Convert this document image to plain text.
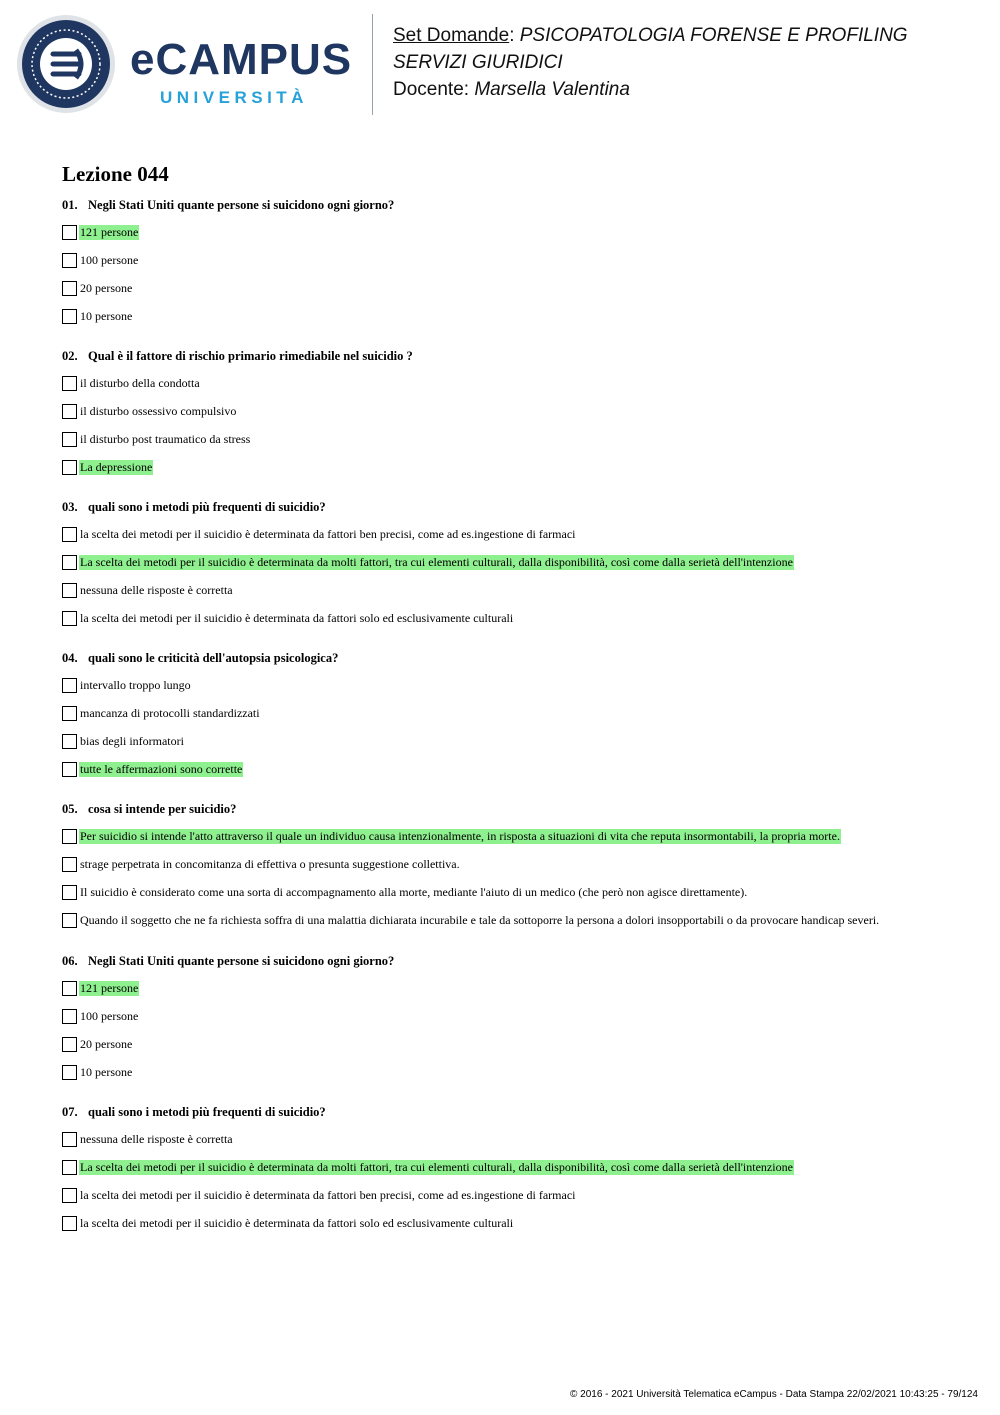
eCAMPUS
UNIVERSITÀ
Set Domande: PSICOPATOLOGIA FORENSE E PROFILING
SERVIZI GIURIDICI
Docente: Marsella Valentina
Lezione 044
01. Negli Stati Uniti quante persone si suicidono ogni giorno?
121 persone
100 persone
20 persone
10 persone
02. Qual è il fattore di rischio primario rimediabile nel suicidio ?
il disturbo della condotta
il disturbo ossessivo compulsivo
il disturbo post traumatico da stress
La depressione
03. quali sono i metodi più frequenti di suicidio?
la scelta dei metodi per il suicidio è determinata da fattori ben precisi, come ad es.ingestione di farmaci
La scelta dei metodi per il suicidio è determinata da molti fattori, tra cui elementi culturali, dalla disponibilità, così come dalla serietà dell'intenzione
nessuna delle risposte è corretta
la scelta dei metodi per il suicidio è determinata da fattori solo ed esclusivamente culturali
04. quali sono le criticità dell'autopsia psicologica?
intervallo troppo lungo
mancanza di protocolli standardizzati
bias degli informatori
tutte le affermazioni sono corrette
05. cosa si intende per suicidio?
Per suicidio si intende l'atto attraverso il quale un individuo causa intenzionalmente, in risposta a situazioni di vita che reputa insormontabili, la propria morte.
strage perpetrata in concomitanza di effettiva o presunta suggestione collettiva.
Il suicidio è considerato come una sorta di accompagnamento alla morte, mediante l'aiuto di un medico (che però non agisce direttamente).
Quando il soggetto che ne fa richiesta soffra di una malattia dichiarata incurabile e tale da sottoporre la persona a dolori insopportabili o da provocare handicap severi.
06. Negli Stati Uniti quante persone si suicidono ogni giorno?
121 persone
100 persone
20 persone
10 persone
07. quali sono i metodi più frequenti di suicidio?
nessuna delle risposte è corretta
La scelta dei metodi per il suicidio è determinata da molti fattori, tra cui elementi culturali, dalla disponibilità, così come dalla serietà dell'intenzione
la scelta dei metodi per il suicidio è determinata da fattori ben precisi, come ad es.ingestione di farmaci
la scelta dei metodi per il suicidio è determinata da fattori solo ed esclusivamente culturali
© 2016 - 2021 Università Telematica eCampus - Data Stampa 22/02/2021 10:43:25 - 79/124
